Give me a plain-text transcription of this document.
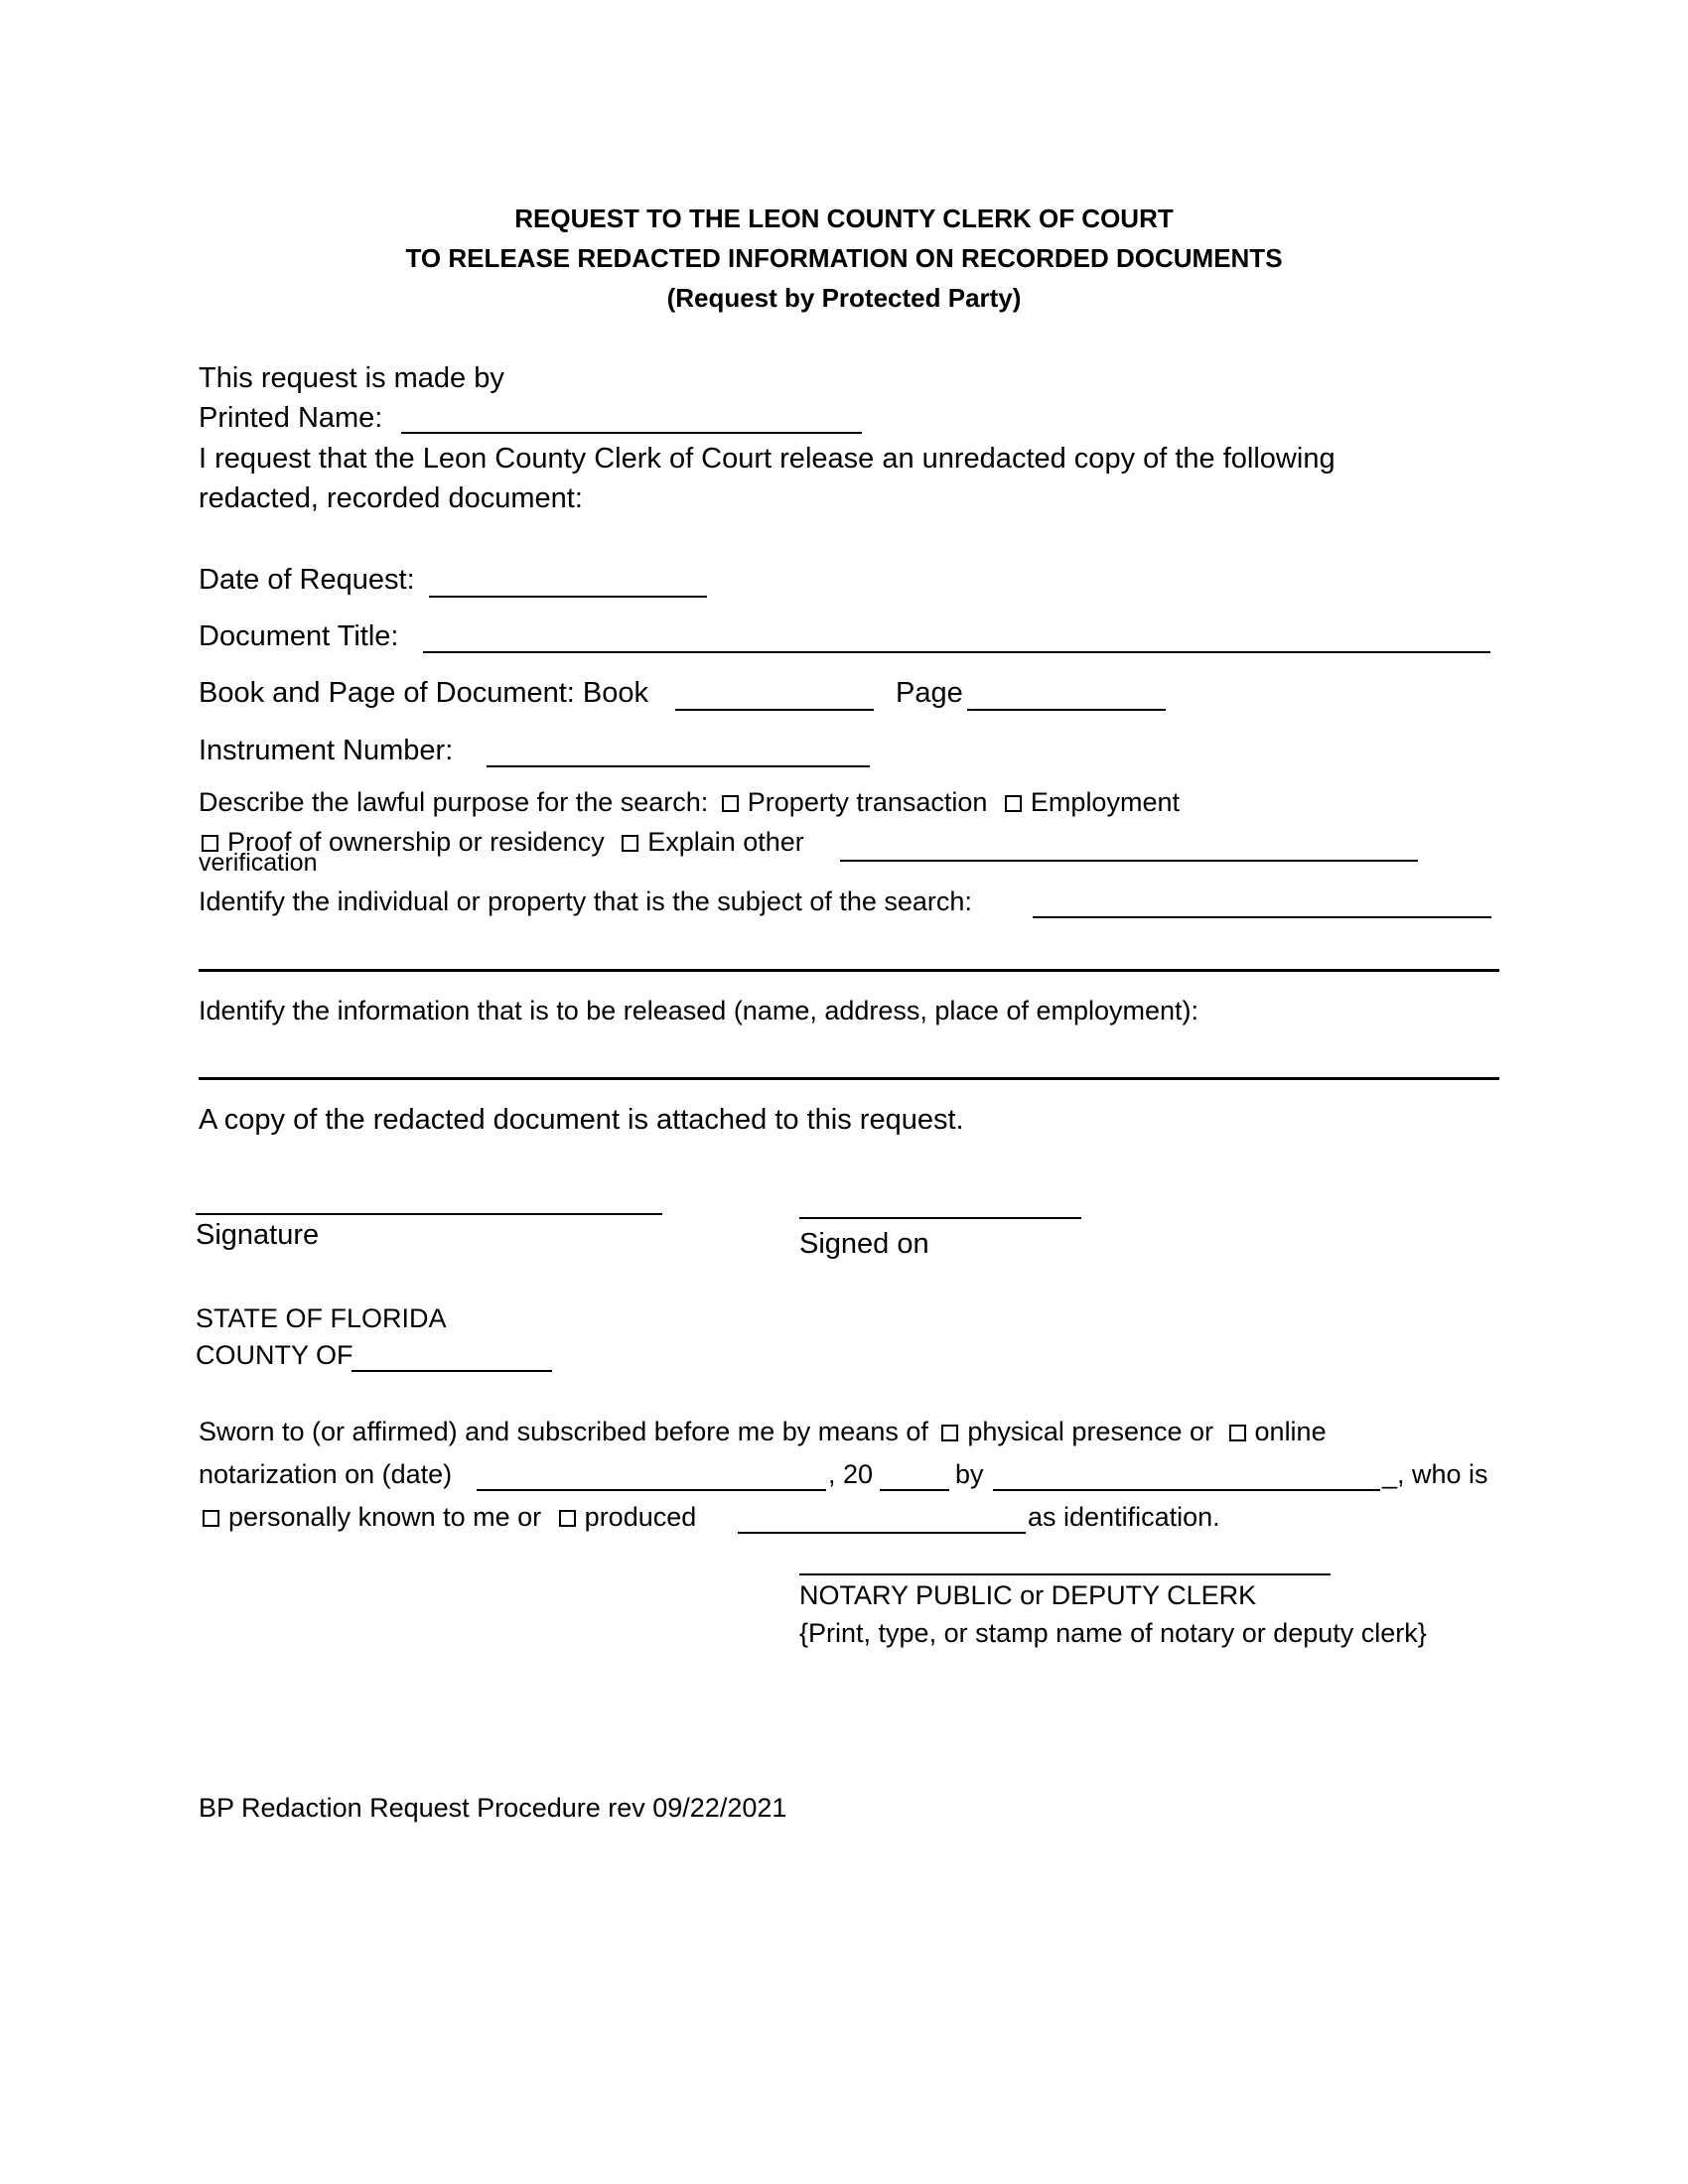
REQUEST TO THE LEON COUNTY CLERK OF COURT
TO RELEASE REDACTED INFORMATION ON RECORDED DOCUMENTS
(Request by Protected Party)
This request is made by
Printed Name:
I request that the Leon County Clerk of Court release an unredacted copy of the following
redacted, recorded document:
Date of Request:
Document Title:
Book and Page of Document: Book	Page
Instrument Number:
Describe the lawful purpose for the search: Property transaction Employment
Proof of ownership or residency Explain other
verification
Identify the individual or property that is the subject of the search:
Identify the information that is to be released (name, address, place of employment):
A copy of the redacted document is attached to this request.
Signature	Signed on
STATE OF FLORIDA
COUNTY OF
Sworn to (or affirmed) and subscribed before me by means of physical presence or online
notarization on (date)	, 20	by	_, who is
personally known to me or produced	as identification.
NOTARY PUBLIC or DEPUTY CLERK
{Print, type, or stamp name of notary or deputy clerk}
BP Redaction Request Procedure rev 09/22/2021
